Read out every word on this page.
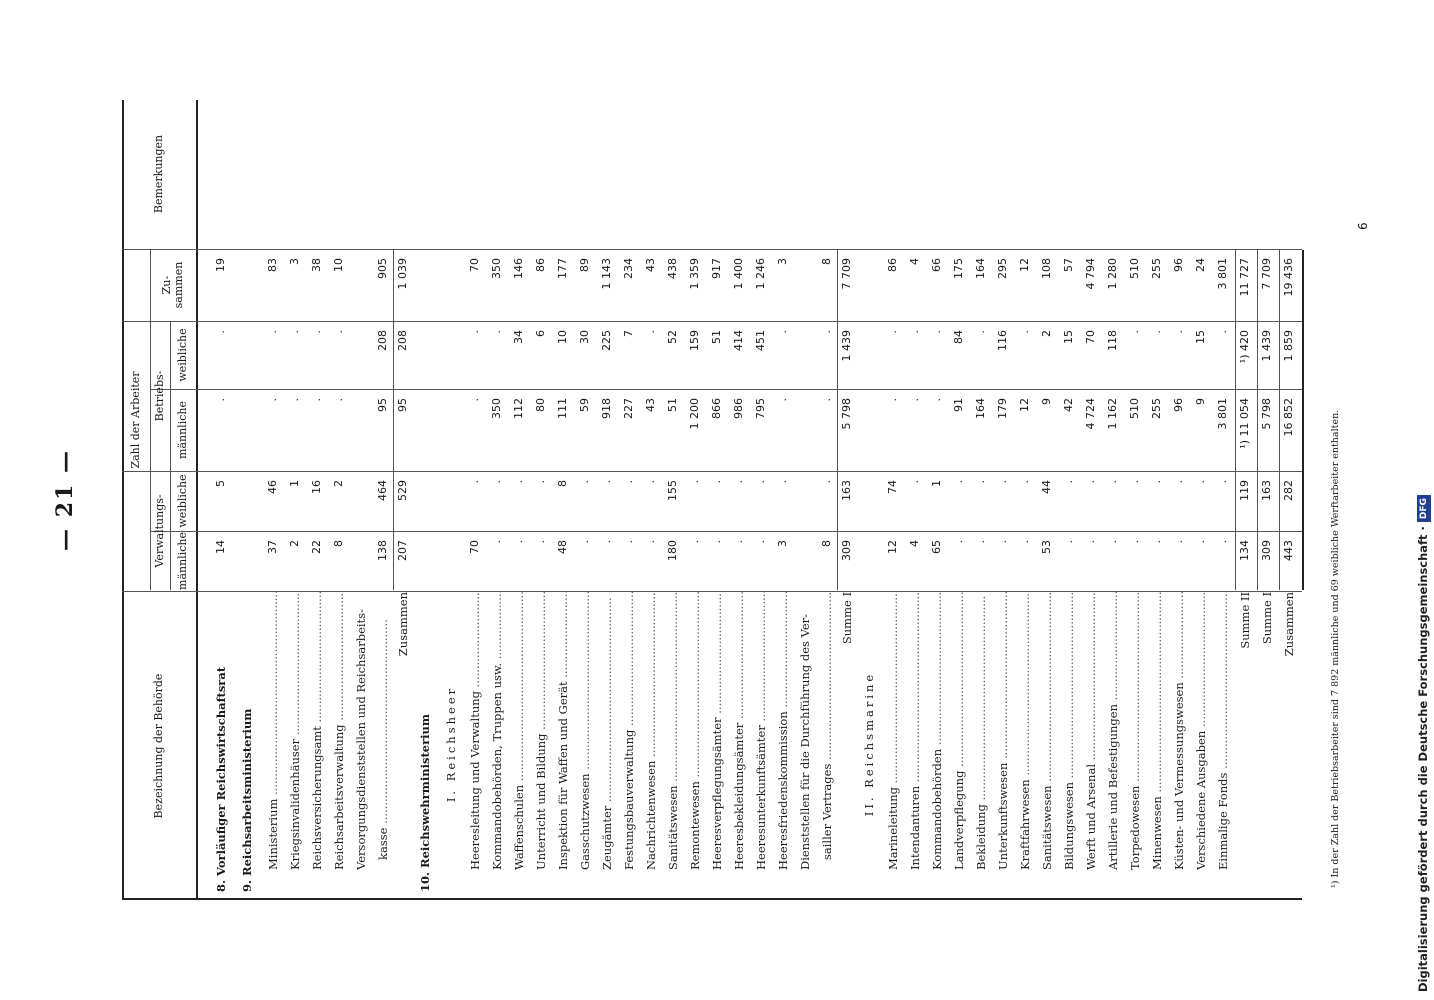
— 21 —	¹) In der Zahl der Betriebsarbeiter sind 7 892 männliche und 69 weibliche Werftarbeiter enthalten.
6
Bezeichnung der Behörde
Zahl der Arbeiter
Verwaltungs-
Betriebs-
männliche
weibliche
männliche
weibliche
Zu-
sammen
Bemerkungen
8. Vorläufiger Reichswirtschaftsrat
14
5
.
.
19
9. Reichsarbeitsministerium Ministerium .....
37
46
.
.
83
Kriegsinvalidenhäuser .....
2
1
.
.
3
Reichsversicherungsamt .....
22
16
.
.
38
Reichsarbeitsverwaltung .....
8
2
.
.
10
Versorgungsdienststellen und Reichsarbeits- kasse .....
138
464
95
208
905
Zusammen
207
529
95
208
1 039
10. Reichswehrministerium I. Reichsheer Heeresleitung und Verwaltung .....
70
.
.
.
70
Kommandobehörden, Truppen usw. .....
.
.
350
.
350
Waffenschulen .....
.
.
112
34
146
Unterricht und Bildung .....
.
.
80
6
86
Inspektion für Waffen und Gerät .....
48
8
111
10
177
Gasschutzwesen .....
.
.
59
30
89
Zeugämter .....
.
.
918
225
1 143
Festungsbauverwaltung .....
.
.
227
7
234
Nachrichtenwesen .....
.
.
43
.
43
Sanitätswesen .....
180
155
51
52
438
Remontewesen .....
.
.
1 200
159
1 359
Heeresverpflegungsämter .....
.
.
866
51
917
Heeresbekleidungsämter .....
.
.
986
414
1 400
Heeresunterkunftsämter .....
.
.
795
451
1 246
Heeresfriedenskommission .....
3
.
.
.
3
Dienststellen für die Durchführung des Ver- sailler Vertrages .....
8
.
.
.
8
Summe I
309
163
5 798
1 439
7 709
II. Reichsmarine
Marineleitung .....
12
74
.
.
86
Intendanturen .....
4
.
.
.
4
Kommandobehörden .....
65
1
.
.
66
Landverpflegung .....
.
.
91
84
175
Bekleidung .....
.
.
164
.
164
Unterkunftswesen .....
.
.
179
116
295
Kraftfahrwesen .....
.
.
12
.
12
Sanitätswesen .....
53
44
9
2
108
Bildungswesen .....
.
.
42
15
57
Werft und Arsenal .....
.
.
4 724
70
4 794
Artillerie und Befestigungen .....
.
.
1 162
118
1 280
Torpedowesen .....
.
.
510
.
510
Minenwesen .....
.
.
255
.
255
Küsten- und Vermessungswesen .....
.
.
96
.
96
Verschiedene Ausgaben .....
.
.
9
15
24
Einmalige Fonds .....
.
.
3 801
.
3 801
Summe II
134
119
¹) 11 054
¹) 420
11 727
Summe I
309
163
5 798
1 439
7 709
Zusammen
443
282
16 852
1 859
19 436
Digitalisierung gefördert durch die Deutsche Forschungsgemeinschaft ·DFG
